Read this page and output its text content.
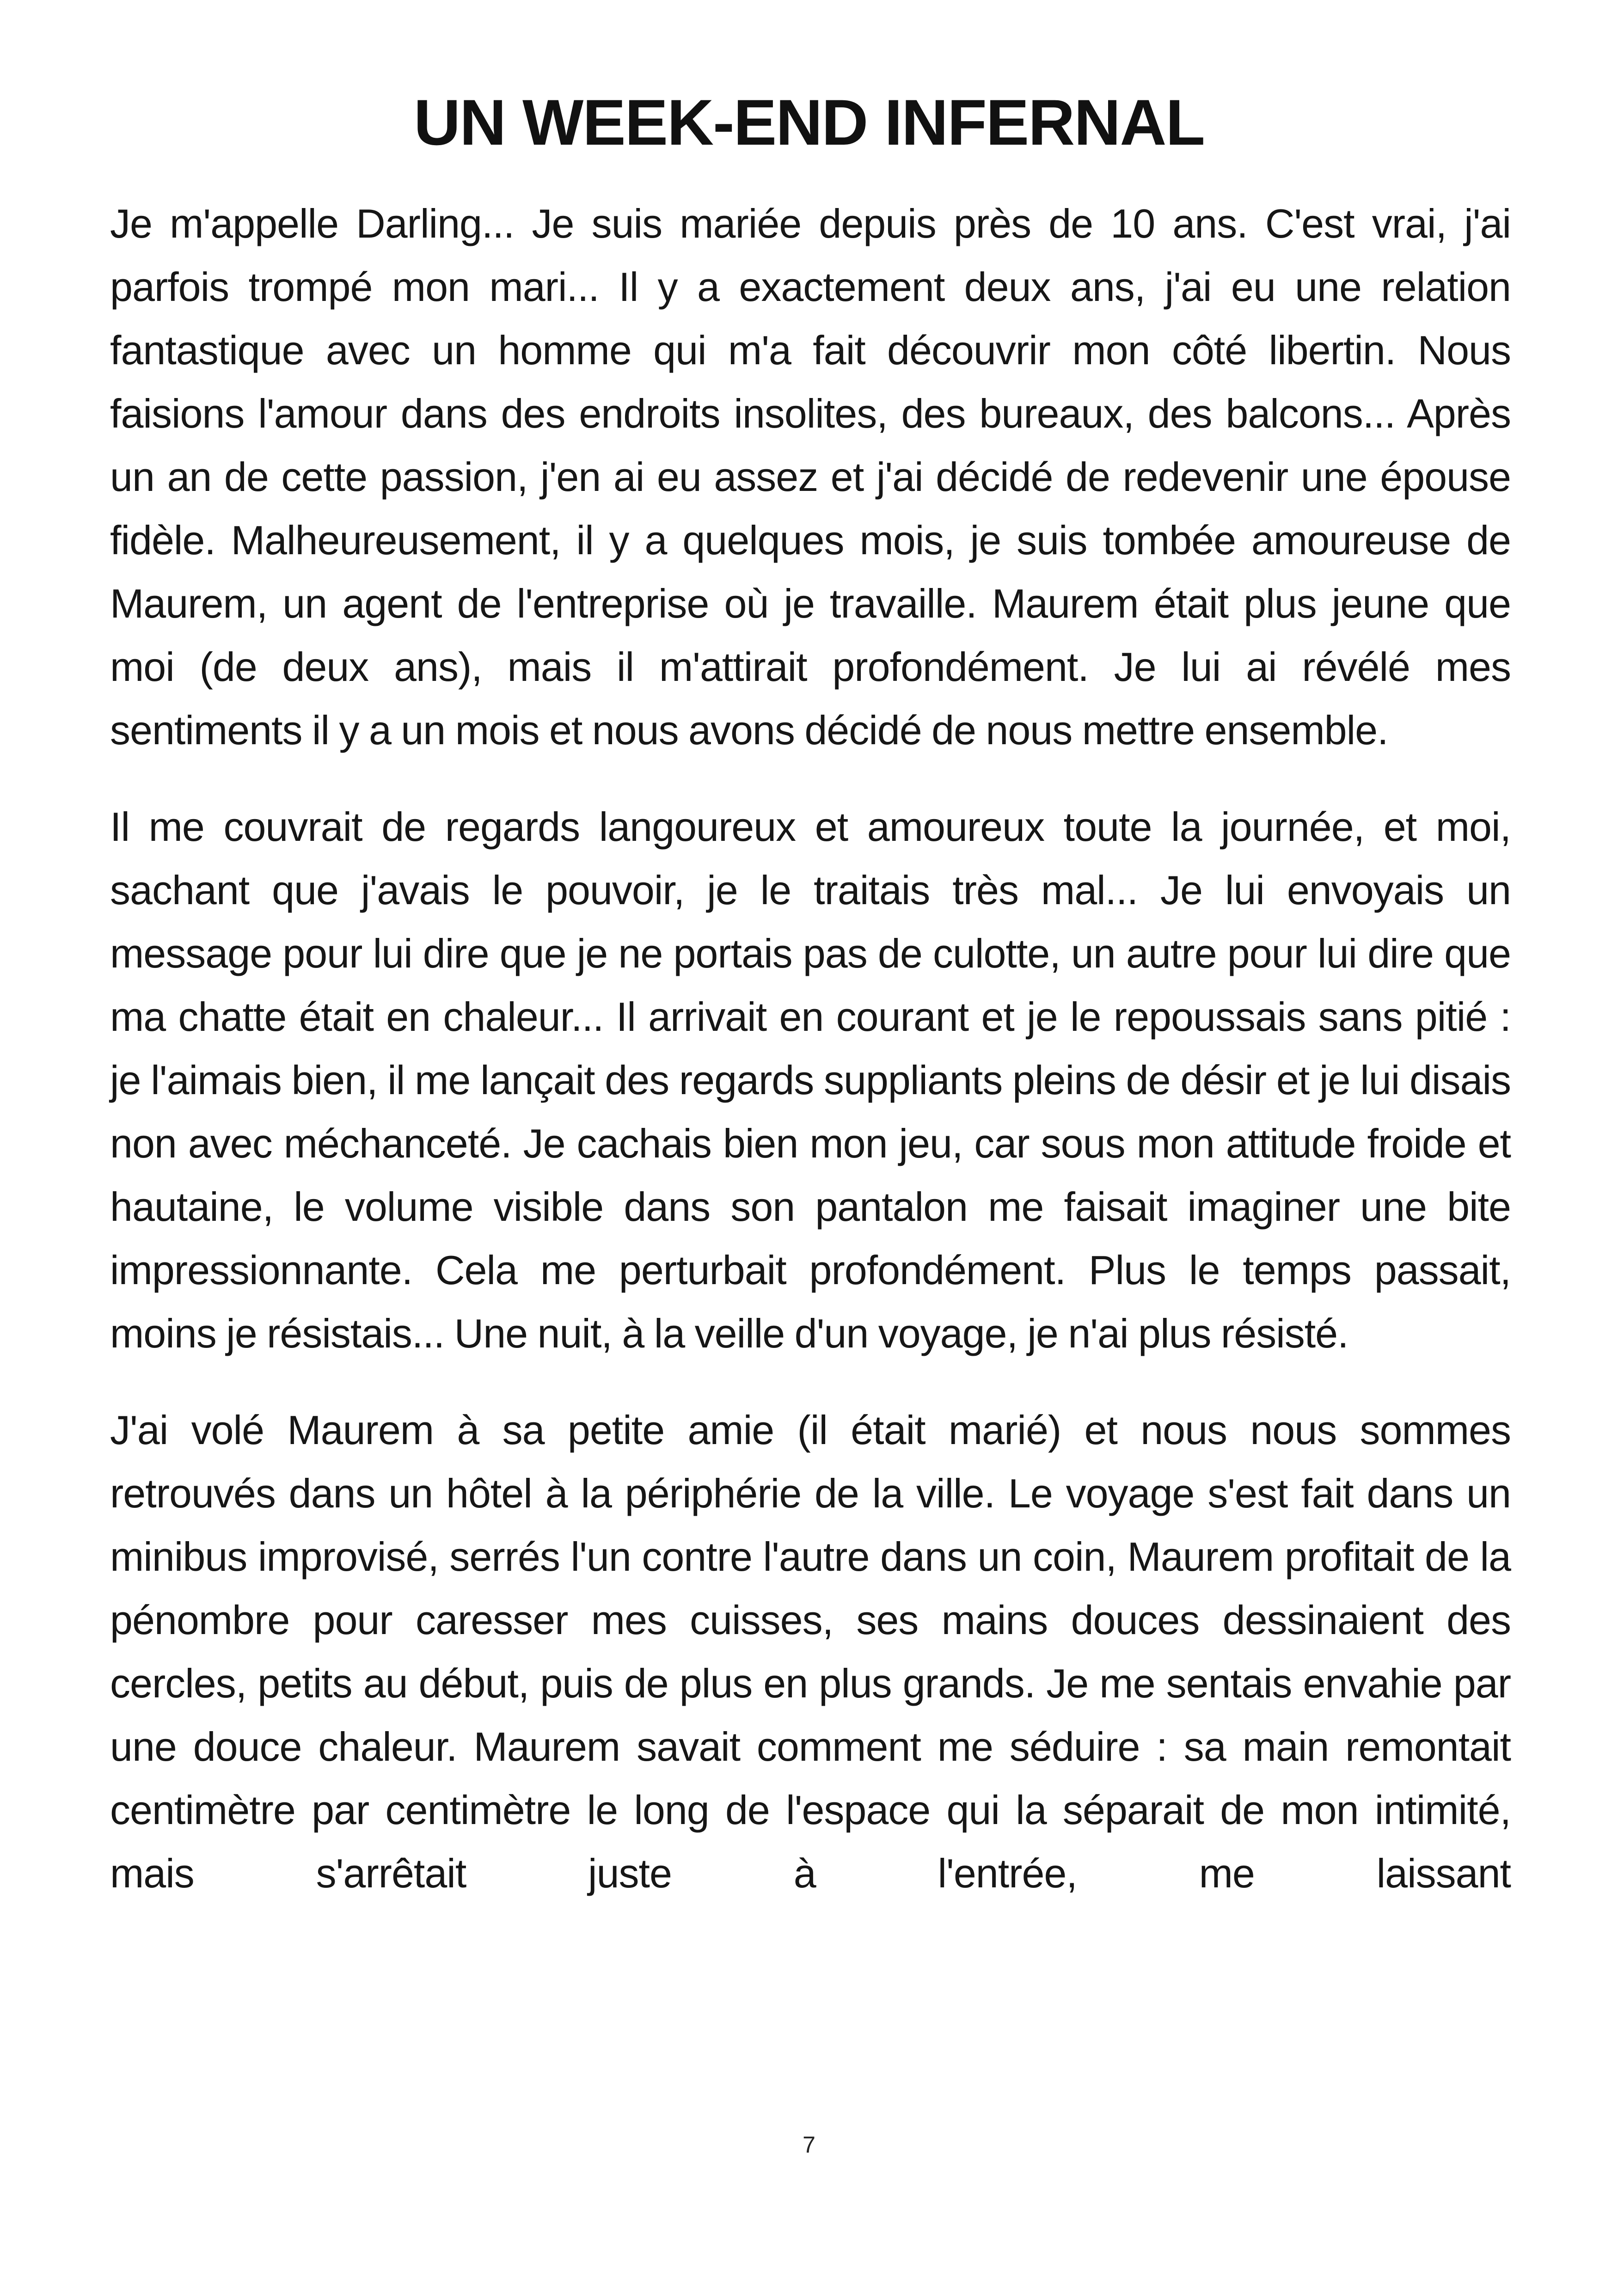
UN WEEK-END INFERNAL

Je m'appelle Darling... Je suis mariée depuis près de 10 ans. C'est vrai, j'ai parfois trompé mon mari... Il y a exactement deux ans, j'ai eu une relation fantastique avec un homme qui m'a fait découvrir mon côté libertin. Nous faisions l'amour dans des endroits insolites, des bureaux, des balcons... Après un an de cette passion, j'en ai eu assez et j'ai décidé de redevenir une épouse fidèle. Malheureusement, il y a quelques mois, je suis tombée amoureuse de Maurem, un agent de l'entreprise où je travaille. Maurem était plus jeune que moi (de deux ans), mais il m'attirait profondément. Je lui ai révélé mes sentiments il y a un mois et nous avons décidé de nous mettre ensemble.

Il me couvrait de regards langoureux et amoureux toute la journée, et moi, sachant que j'avais le pouvoir, je le traitais très mal... Je lui envoyais un message pour lui dire que je ne portais pas de culotte, un autre pour lui dire que ma chatte était en chaleur... Il arrivait en courant et je le repoussais sans pitié : je l'aimais bien, il me lançait des regards suppliants pleins de désir et je lui disais non avec méchanceté. Je cachais bien mon jeu, car sous mon attitude froide et hautaine, le volume visible dans son pantalon me faisait imaginer une bite impressionnante. Cela me perturbait profondément. Plus le temps passait, moins je résistais... Une nuit, à la veille d'un voyage, je n'ai plus résisté.

J'ai volé Maurem à sa petite amie (il était marié) et nous nous sommes retrouvés dans un hôtel à la périphérie de la ville. Le voyage s'est fait dans un minibus improvisé, serrés l'un contre l'autre dans un coin, Maurem profitait de la pénombre pour caresser mes cuisses, ses mains douces dessinaient des cercles, petits au début, puis de plus en plus grands. Je me sentais envahie par une douce chaleur. Maurem savait comment me séduire : sa main remontait centimètre par centimètre le long de l'espace qui la séparait de mon intimité, mais s'arrêtait juste à l'entrée, me laissant

7
